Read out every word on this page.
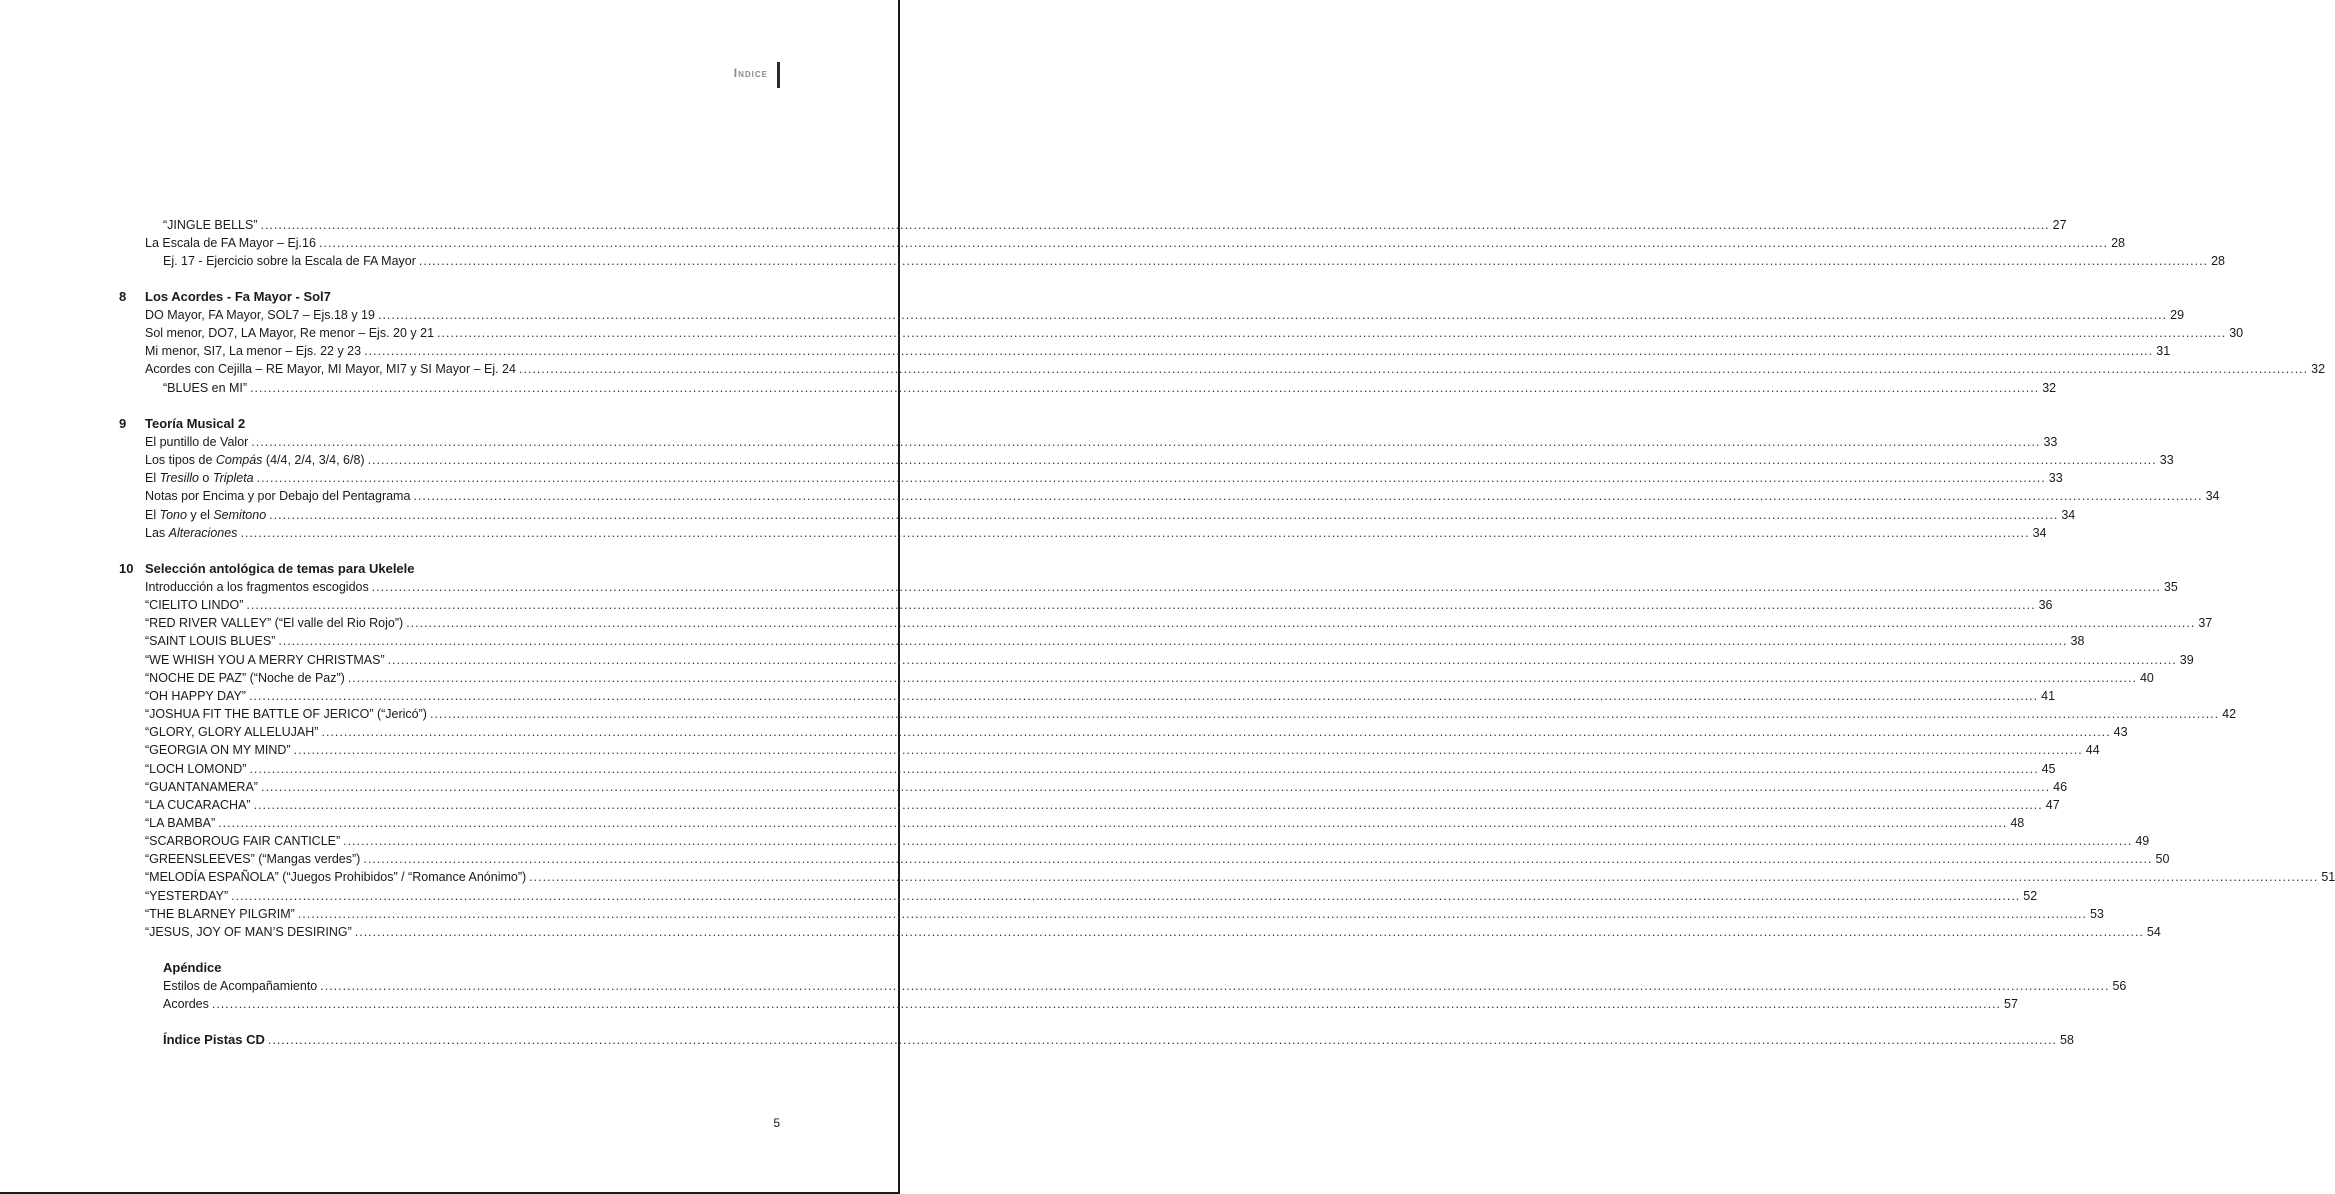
Indice
“JINGLE BELLS” ................................................................................................................................................................................................................................................................................................................................................................................................................ 27
La Escala de FA Mayor – Ej.16 ................................................................................................................................................................................................................................................................................................................................................................................................................ 28
Ej. 17 - Ejercicio sobre la Escala de FA Mayor ................................................................................................................................................................................................................................................................................................................................................................................................................ 28
8	Los Acordes - Fa Mayor - Sol7
DO Mayor, FA Mayor, SOL7 – Ejs.18 y 19 ................................................................................................................................................................................................................................................................................................................................................................................................................ 29
Sol menor, DO7, LA Mayor, Re menor – Ejs. 20 y 21 ................................................................................................................................................................................................................................................................................................................................................................................................................ 30
Mi menor, SI7, La menor – Ejs. 22 y 23 ................................................................................................................................................................................................................................................................................................................................................................................................................ 31
Acordes con Cejilla – RE Mayor, MI Mayor, MI7 y SI Mayor – Ej. 24 ................................................................................................................................................................................................................................................................................................................................................................................................................ 32
“BLUES en MI” ................................................................................................................................................................................................................................................................................................................................................................................................................ 32
9	Teoría Musical 2
El puntillo de Valor ................................................................................................................................................................................................................................................................................................................................................................................................................ 33
Los tipos de Compás (4/4, 2/4, 3/4, 6/8) ................................................................................................................................................................................................................................................................................................................................................................................................................ 33
El Tresillo o Tripleta ................................................................................................................................................................................................................................................................................................................................................................................................................ 33
Notas por Encima y por Debajo del Pentagrama ................................................................................................................................................................................................................................................................................................................................................................................................................ 34
El Tono y el Semitono ................................................................................................................................................................................................................................................................................................................................................................................................................ 34
Las Alteraciones ................................................................................................................................................................................................................................................................................................................................................................................................................ 34
10 Selección antológica de temas para Ukelele
Introducción a los fragmentos escogidos ................................................................................................................................................................................................................................................................................................................................................................................................................ 35
“CIELITO LINDO” ................................................................................................................................................................................................................................................................................................................................................................................................................ 36
“RED RIVER VALLEY” (“El valle del Rio Rojo”) ................................................................................................................................................................................................................................................................................................................................................................................................................ 37
“SAINT LOUIS BLUES” ................................................................................................................................................................................................................................................................................................................................................................................................................ 38
“WE WHISH YOU A MERRY CHRISTMAS” ................................................................................................................................................................................................................................................................................................................................................................................................................ 39
“NOCHE DE PAZ” (“Noche de Paz”) ................................................................................................................................................................................................................................................................................................................................................................................................................ 40
“OH HAPPY DAY” ................................................................................................................................................................................................................................................................................................................................................................................................................ 41
“JOSHUA FIT THE BATTLE OF JERICO” (“Jericó”) ................................................................................................................................................................................................................................................................................................................................................................................................................ 42
“GLORY, GLORY ALLELUJAH” ................................................................................................................................................................................................................................................................................................................................................................................................................ 43
“GEORGIA ON MY MIND” ................................................................................................................................................................................................................................................................................................................................................................................................................ 44
“LOCH LOMOND” ................................................................................................................................................................................................................................................................................................................................................................................................................ 45
“GUANTANAMERA” ................................................................................................................................................................................................................................................................................................................................................................................................................ 46
“LA CUCARACHA” ................................................................................................................................................................................................................................................................................................................................................................................................................ 47
“LA BAMBA” ................................................................................................................................................................................................................................................................................................................................................................................................................ 48
“SCARBOROUG FAIR CANTICLE” ................................................................................................................................................................................................................................................................................................................................................................................................................ 49
“GREENSLEEVES” (“Mangas verdes”) ................................................................................................................................................................................................................................................................................................................................................................................................................ 50
“MELODÍA ESPAÑOLA” (“Juegos Prohibidos” / “Romance Anónimo”) ................................................................................................................................................................................................................................................................................................................................................................................................................ 51
“YESTERDAY” ................................................................................................................................................................................................................................................................................................................................................................................................................ 52
“THE BLARNEY PILGRIM” ................................................................................................................................................................................................................................................................................................................................................................................................................ 53
“JESUS, JOY OF MAN’S DESIRING” ................................................................................................................................................................................................................................................................................................................................................................................................................ 54
Apéndice
Estilos de Acompañamiento ................................................................................................................................................................................................................................................................................................................................................................................................................ 56
Acordes ................................................................................................................................................................................................................................................................................................................................................................................................................ 57
Índice Pistas CD ................................................................................................................................................................................................................................................................................................................................................................................................................ 58
5
